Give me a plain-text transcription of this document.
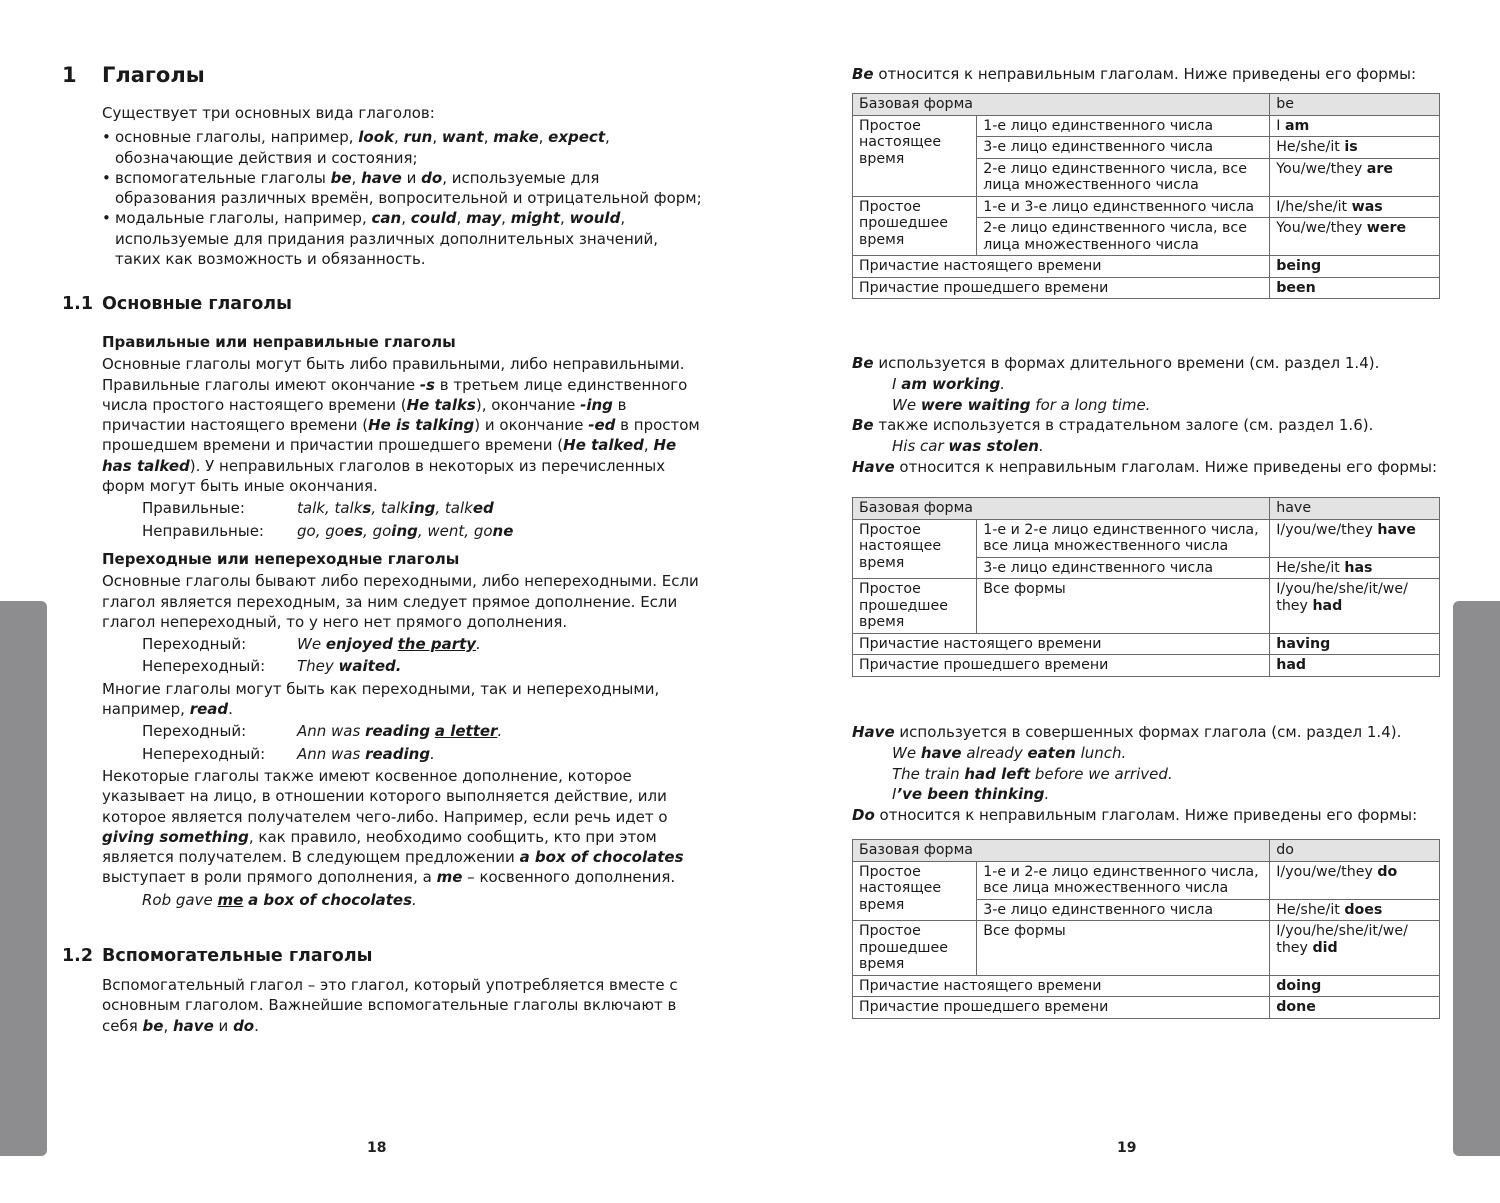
1	Глаголы

Существует три основных вида глаголов:

• основные глаголы, например, look, run, want, make, expect, обозначающие действия и состояния;
• вспомогательные глаголы be, have и do, используемые для образования различных времён, вопросительной и отрицательной форм;
• модальные глаголы, например, can, could, may, might, would, используемые для придания различных дополнительных значений, таких как возможность и обязанность.
1.1 Основные глаголы

Правильные или неправильные глаголы

Основные глаголы могут быть либо правильными, либо неправильными. Правильные глаголы имеют окончание -s в третьем лице единственного числа простого настоящего времени (He talks), окончание -ing в причастии настоящего времени (He is talking) и окончание -ed в простом прошедшем времени и причастии прошедшего времени (He talked, He has talked). У неправильных глаголов в некоторых из перечисленных форм могут быть иные окончания.

Правильные:	talk, talks, talking, talked
Неправильные:	go, goes, going, went, gone

Переходные или непереходные глаголы

Основные глаголы бывают либо переходными, либо непереходными. Если глагол является переходным, за ним следует прямое дополнение. Если глагол непереходный, то у него нет прямого дополнения.

Переходный:	We enjoyed the party.
Непереходный:	They waited.

Многие глаголы могут быть как переходными, так и непереходными, например, read.

Переходный:	Ann was reading a letter.
Непереходный:	Ann was reading.

Некоторые глаголы также имеют косвенное дополнение, которое указывает на лицо, в отношении которого выполняется действие, или которое является получателем чего-либо. Например, если речь идет о giving something, как правило, необходимо сообщить, кто при этом является получателем. В следующем предложении a box of chocolates выступает в роли прямого дополнения, а me – косвенного дополнения.

Rob gave me a box of chocolates.

1.2 Вспомогательные глаголы

Вспомогательный глагол – это глагол, который употребляется вместе с основным глаголом. Важнейшие вспомогательные глаголы включают в себя be, have и do.

18

Be относится к неправильным глаголам. Ниже приведены его формы:

Базовая форма		be
Простое настоящее время	1-е лицо единственного числа	I am
	3-е лицо единственного числа	He/she/it is
	2-е лицо единственного числа, все лица множественного числа	You/we/they are
Простое прошедшее время	1-е и 3-е лицо единственного числа	I/he/she/it was
	2-е лицо единственного числа, все лица множественного числа	You/we/they were
Причастие настоящего времени		being
Причастие прошедшего времени		been

Be используется в формах длительного времени (см. раздел 1.4).

I am working.

We were waiting for a long time.

Be также используется в страдательном залоге (см. раздел 1.6).

His car was stolen.

Have относится к неправильным глаголам. Ниже приведены его формы:

Базовая форма		have
Простое настоящее время	1-е и 2-е лицо единственного числа, все лица множественного числа	I/you/we/they have
	3-е лицо единственного числа	He/she/it has
Простое прошедшее время	Все формы	I/you/he/she/it/we/ they had
Причастие настоящего времени		having
Причастие прошедшего времени		had

Have используется в совершенных формах глагола (см. раздел 1.4).

We have already eaten lunch.

The train had left before we arrived.

I’ve been thinking.

Do относится к неправильным глаголам. Ниже приведены его формы:

Базовая форма		do
Простое настоящее время	1-е и 2-е лицо единственного числа, все лица множественного числа	I/you/we/they do
	3-е лицо единственного числа	He/she/it does
Простое прошедшее время	Все формы	I/you/he/she/it/we/ they did
Причастие настоящего времени		doing
Причастие прошедшего времени		done
19
